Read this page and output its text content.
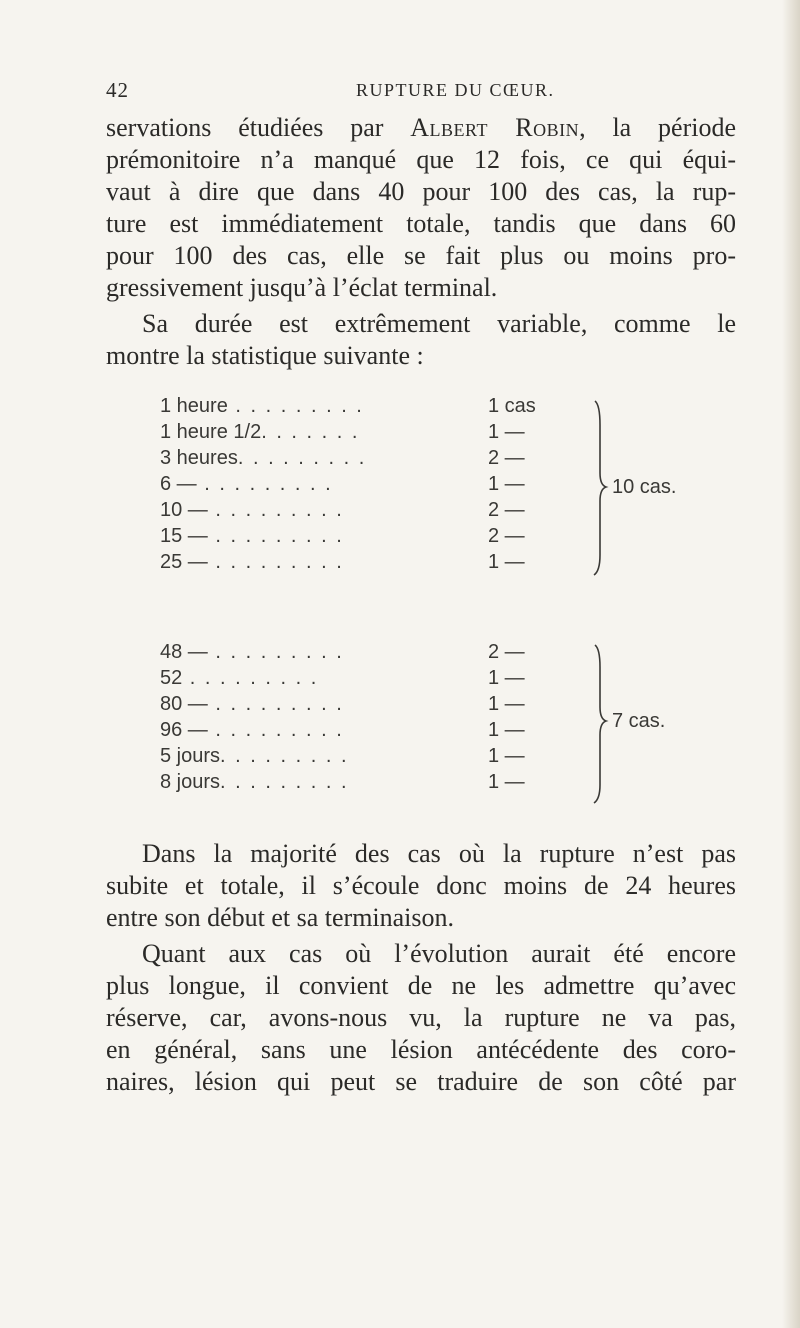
42	RUPTURE DU CŒUR.

servations étudiées par Albert Robin, la période
prémonitoire n’a manqué que 12 fois, ce qui équi-
vaut à dire que dans 40 pour 100 des cas, la rup-
ture est immédiatement totale, tandis que dans 60
pour 100 des cas, elle se fait plus ou moins pro-
gressivement jusqu’à l’éclat terminal.

Sa durée est extrêmement variable, comme le
montre la statistique suivante :

1 heure . . . . . . . . .	1 cas
1 heure 1/2. . . . . . .	1 —
3 heures. . . . . . . . .	2 —
6 — . . . . . . . . .	1 —
10 — . . . . . . . . .	2 —
15 — . . . . . . . . .	2 —
25 — . . . . . . . . .	1 —
10 cas.
48 — . . . . . . . . .	2 —
52 . . . . . . . . .	1 —
80 — . . . . . . . . .	1 —
96 — . . . . . . . . .	1 —
5 jours. . . . . . . . .	1 —
8 jours. . . . . . . . .	1 —
7 cas.

Dans la majorité des cas où la rupture n’est pas
subite et totale, il s’écoule donc moins de 24 heures
entre son début et sa terminaison.

Quant aux cas où l’évolution aurait été encore
plus longue, il convient de ne les admettre qu’avec
réserve, car, avons-nous vu, la rupture ne va pas,
en général, sans une lésion antécédente des coro-
naires, lésion qui peut se traduire de son côté par
